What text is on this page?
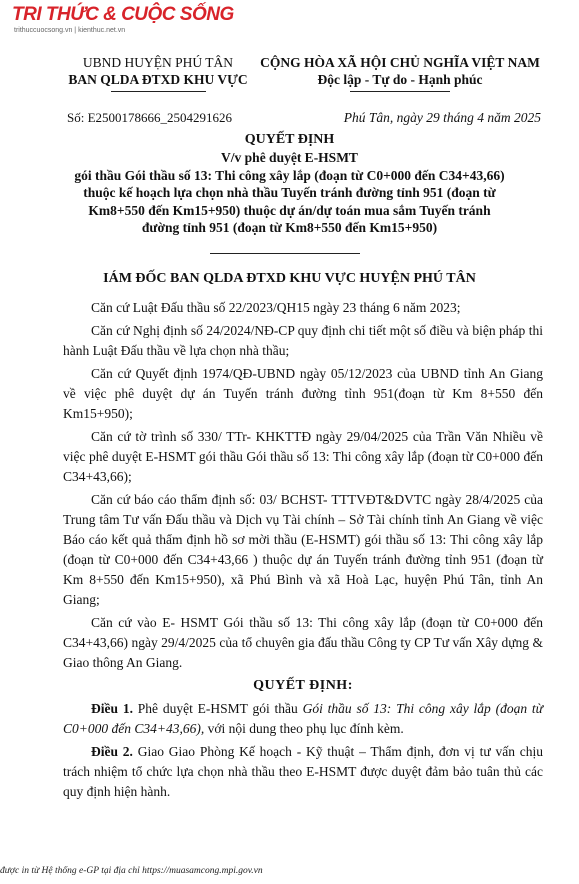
TRI THỨC & CUỘC SỐNG
trithuccuocsong.vn | kienthuc.net.vn
UBND HUYỆN PHÚ TÂN
BAN QLDA ĐTXD KHU VỰC
CỘNG HÒA XÃ HỘI CHỦ NGHĨA VIỆT NAM
Độc lập - Tự do - Hạnh phúc
Số: E2500178666_2504291626	Phú Tân, ngày 29 tháng 4 năm 2025
QUYẾT ĐỊNH
V/v phê duyệt E-HSMT
gói thầu Gói thầu số 13: Thi công xây lắp (đoạn từ C0+000 đến C34+43,66)
thuộc kế hoạch lựa chọn nhà thầu Tuyến tránh đường tỉnh 951 (đoạn từ
Km8+550 đến Km15+950) thuộc dự án/dự toán mua sắm Tuyến tránh
đường tỉnh 951 (đoạn từ Km8+550 đến Km15+950)
IÁM ĐỐC BAN QLDA ĐTXD KHU VỰC HUYỆN PHÚ TÂN

Căn cứ Luật Đấu thầu số 22/2023/QH15 ngày 23 tháng 6 năm 2023;

Căn cứ Nghị định số 24/2024/NĐ-CP quy định chi tiết một số điều và biện pháp thi hành Luật Đấu thầu về lựa chọn nhà thầu;

Căn cứ Quyết định 1974/QĐ-UBND ngày 05/12/2023 của UBND tỉnh An Giang về việc phê duyệt dự án Tuyến tránh đường tỉnh 951(đoạn từ Km 8+550 đến Km15+950);

Căn cứ tờ trình số 330/ TTr- KHKTTĐ ngày 29/04/2025 của Trần Văn Nhiều về việc phê duyệt E-HSMT gói thầu Gói thầu số 13: Thi công xây lắp (đoạn từ C0+000 đến C34+43,66);

Căn cứ báo cáo thẩm định số: 03/ BCHST- TTTVĐT&DVTC ngày 28/4/2025 của Trung tâm Tư vấn Đấu thầu và Dịch vụ Tài chính – Sở Tài chính tỉnh An Giang về việc Báo cáo kết quả thẩm định hồ sơ mời thầu (E-HSMT) gói thầu số 13: Thi công xây lắp (đoạn từ C0+000 đến C34+43,66 ) thuộc dự án Tuyến tránh đường tỉnh 951 (đoạn từ Km 8+550 đến Km15+950), xã Phú Bình và xã Hoà Lạc, huyện Phú Tân, tỉnh An Giang;

Căn cứ vào E- HSMT Gói thầu số 13: Thi công xây lắp (đoạn từ C0+000 đến C34+43,66) ngày 29/4/2025 của tổ chuyên gia đấu thầu Công ty CP Tư vấn Xây dựng & Giao thông An Giang.

QUYẾT ĐỊNH:

Điều 1. Phê duyệt E-HSMT gói thầu Gói thầu số 13: Thi công xây lắp (đoạn từ C0+000 đến C34+43,66), với nội dung theo phụ lục đính kèm.

Điều 2. Giao Giao Phòng Kế hoạch - Kỹ thuật – Thẩm định, đơn vị tư vấn chịu trách nhiệm tổ chức lựa chọn nhà thầu theo E-HSMT được duyệt đảm bảo tuân thủ các quy định hiện hành.

được in từ Hệ thống e-GP tại địa chỉ https://muasamcong.mpi.gov.vn
